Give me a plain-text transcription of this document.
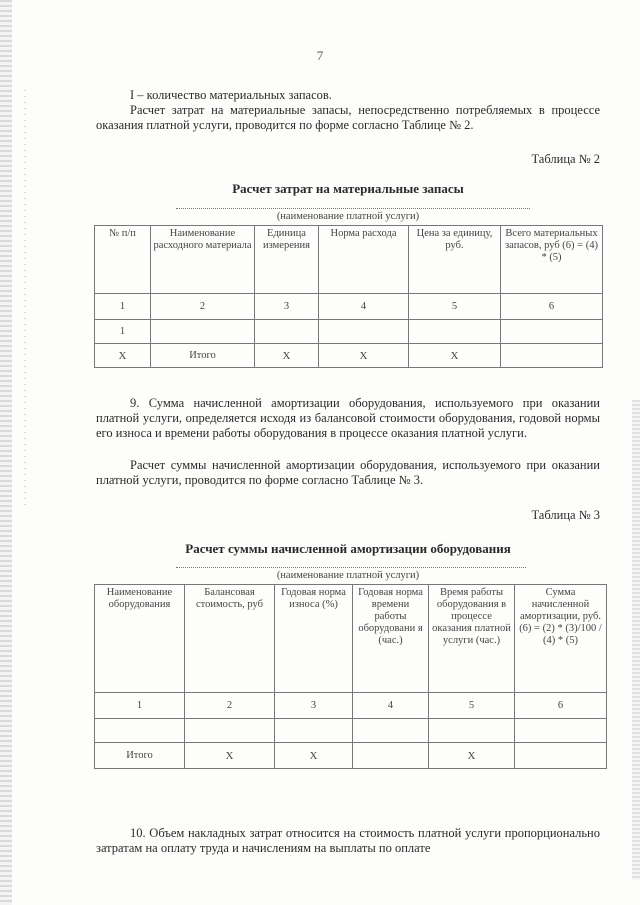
7
I – количество материальных запасов.
Расчет затрат на материальные запасы, непосредственно потребляемых в процессе оказания платной услуги, проводится по форме согласно Таблице № 2.
Таблица № 2
Расчет затрат на материальные запасы
(наименование платной услуги)
№ п/п	Наименование расходного материала	Единица измерения	Норма расхода	Цена за единицу, руб.	Всего материальных запасов, руб (6) = (4) * (5)
1	2	3	4	5	6
1					
Х	Итого	Х	Х	Х	
9. Сумма начисленной амортизации оборудования, используемого при оказании платной услуги, определяется исходя из балансовой стоимости оборудования, годовой нормы его износа и времени работы оборудования в процессе оказания платной услуги.
Расчет суммы начисленной амортизации оборудования, используемого при оказании платной услуги, проводится по форме согласно Таблице № 3.
Таблица № 3
Расчет суммы начисленной амортизации оборудования
(наименование платной услуги)
Наименование оборудования	Балансовая стоимость, руб	Годовая норма износа (%)	Годовая норма времени работы оборудовани я (час.)	Время работы оборудования в процессе оказания платной услуги (час.)	Сумма начисленной амортизации, руб. (6) = (2) * (3)/100 / (4) * (5)
1	2	3	4	5	6

Итого	Х	Х		Х	
10. Объем накладных затрат относится на стоимость платной услуги пропорционально затратам на оплату труда и начислениям на выплаты по оплате
